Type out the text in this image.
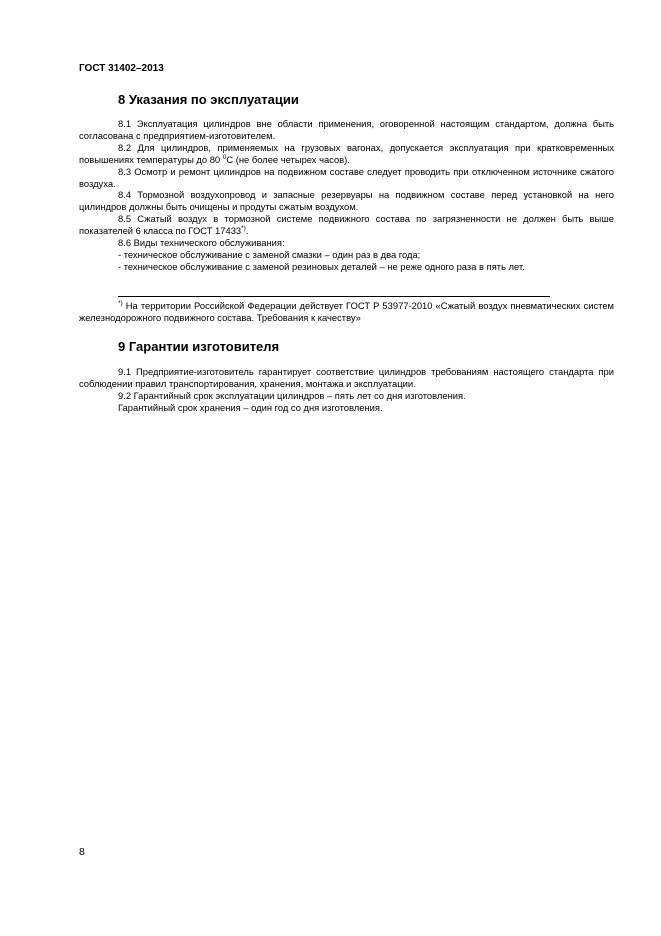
ГОСТ 31402–2013
8 Указания по эксплуатации

8.1 Эксплуатация цилиндров вне области применения, оговоренной настоящим стандартом, должна быть согласована с предприятием-изготовителем.

8.2 Для цилиндров, применяемых на грузовых вагонах, допускается эксплуатация при кратковременных повышениях температуры до 80 $^0$С (не более четырех часов).

8.3 Осмотр и ремонт цилиндров на подвижном составе следует проводить при отключенном источнике сжатого воздуха.

8.4 Тормозной воздухопровод и запасные резервуары на подвижном составе перед установкой на него цилиндров должны быть очищены и продуты сжатым воздухом.

8.5 Сжатый воздух в тормозной системе подвижного состава по загрязненности не должен быть выше показателей 6 класса по ГОСТ 17433*).

8.6 Виды технического обслуживания:

- техническое обслуживание с заменой смазки – один раз в два года;

- техническое обслуживание с заменой резиновых деталей – не реже одного раза в пять лет.

*) На территории Российской Федерации действует ГОСТ Р 53977-2010 «Сжатый воздух пневматических систем железнодорожного подвижного состава. Требования к качеству»

9 Гарантии изготовителя

9.1 Предприятие-изготовитель гарантирует соответствие цилиндров требованиям настоящего стандарта при соблюдении правил транспортирования, хранения, монтажа и эксплуатации.

9.2 Гарантийный срок эксплуатации цилиндров – пять лет со дня изготовления.

Гарантийный срок хранения – один год со дня изготовления.

8
